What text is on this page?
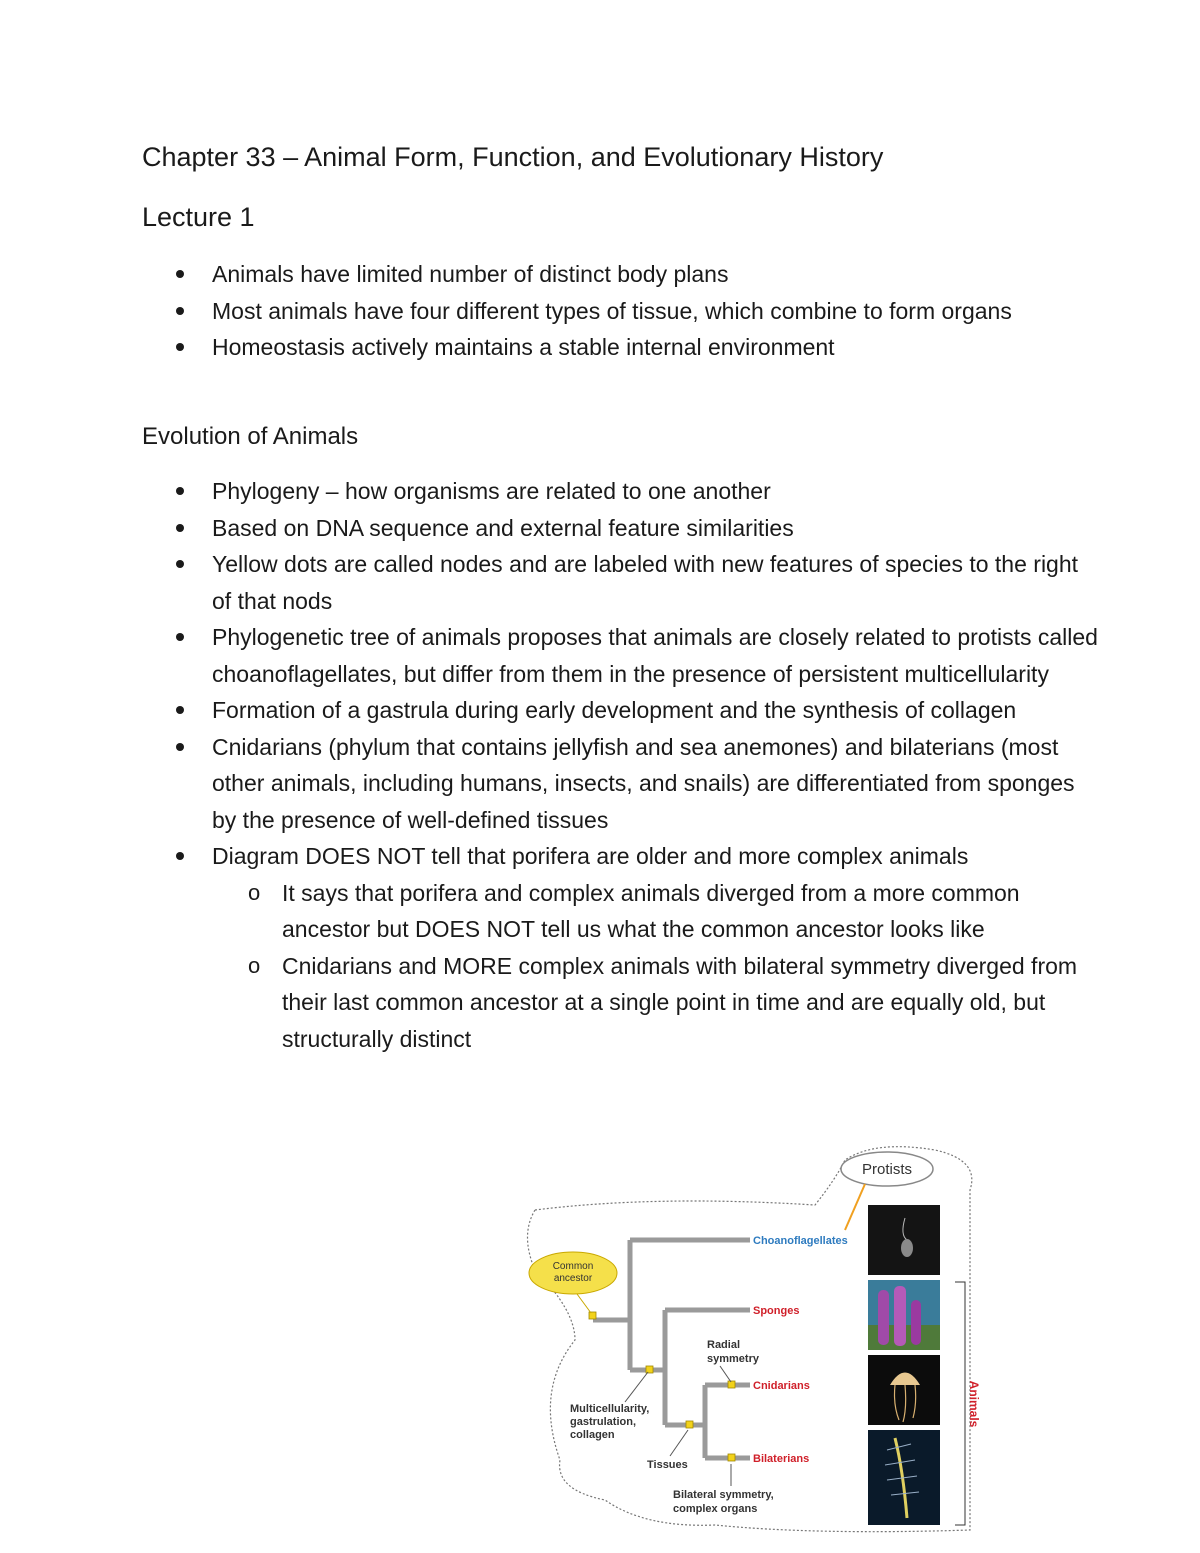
Chapter 33 – Animal Form, Function, and Evolutionary History
Lecture 1
Animals have limited number of distinct body plans
Most animals have four different types of tissue, which combine to form organs
Homeostasis actively maintains a stable internal environment
Evolution of Animals
Phylogeny – how organisms are related to one another
Based on DNA sequence and external feature similarities
Yellow dots are called nodes and are labeled with new features of species to the right of that nods
Phylogenetic tree of animals proposes that animals are closely related to protists called choanoflagellates, but differ from them in the presence of persistent multicellularity
Formation of a gastrula during early development and the synthesis of collagen
Cnidarians (phylum that contains jellyfish and sea anemones) and bilaterians (most other animals, including humans, insects, and snails) are differentiated from sponges by the presence of well-defined tissues
Diagram DOES NOT tell that porifera are older and more complex animals
o It says that porifera and complex animals diverged from a more common ancestor but DOES NOT tell us what the common ancestor looks like
o Cnidarians and MORE complex animals with bilateral symmetry diverged from their last common ancestor at a single point in time and are equally old, but structurally distinct
Protists
Common
ancestor
Choanoflagellates
Sponges
Cnidarians
Bilaterians
Radial
symmetry
Multicellularity,
gastrulation,
collagen
Tissues
Bilateral symmetry,
complex organs
Animals
